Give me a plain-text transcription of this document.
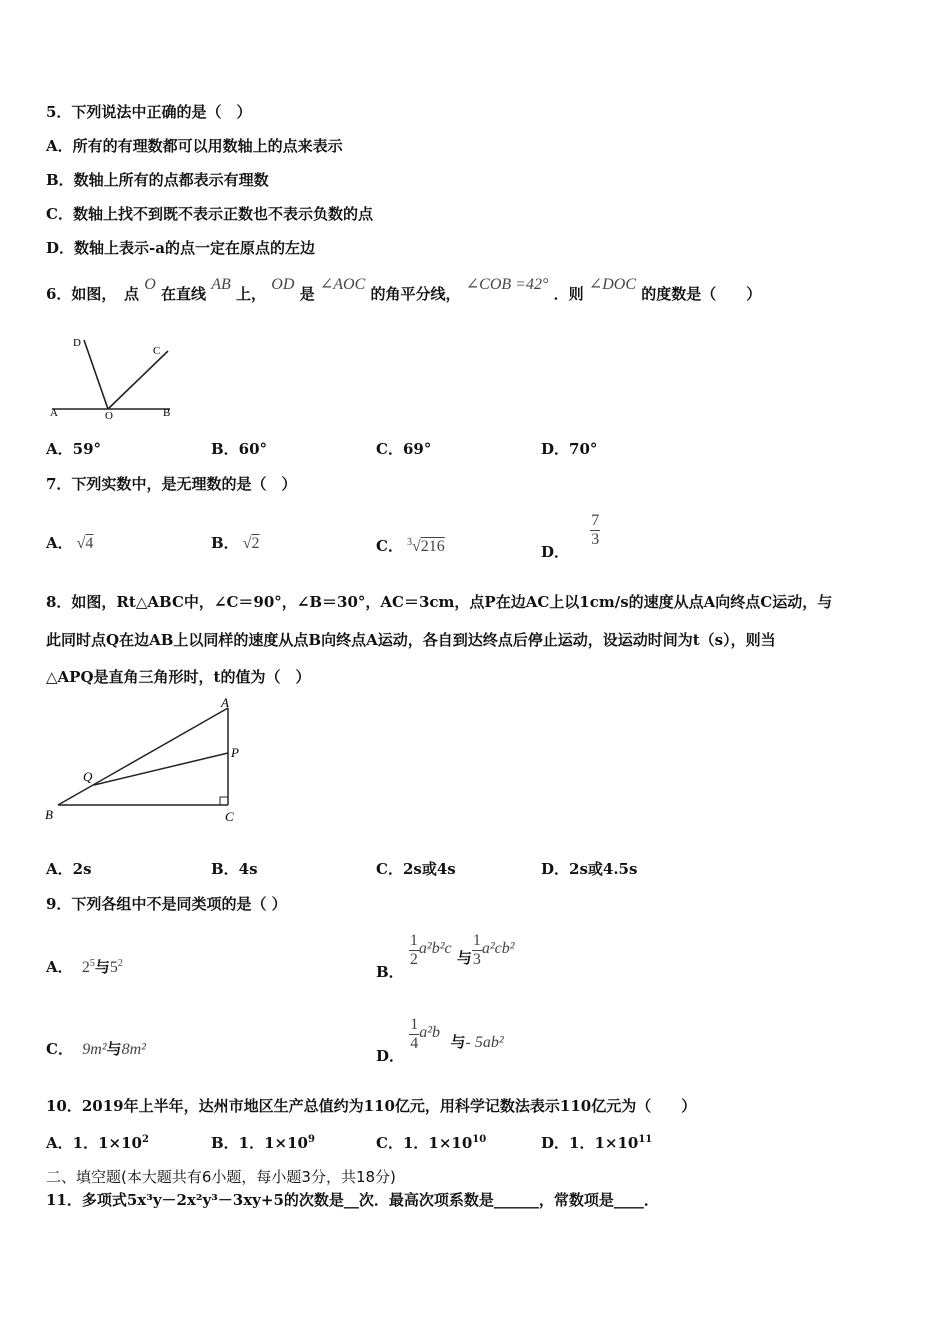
5．下列说法中正确的是（　）
A．所有的有理数都可以用数轴上的点来表示
B．数轴上所有的点都表示有理数
C．数轴上找不到既不表示正数也不表示负数的点
D．数轴上表示-a的点一定在原点的左边
6．如图，　点 O 在直线 AB 上， OD 是 ∠AOC 的角平分线， ∠COB =42° ．则 ∠DOC 的度数是（　　）
D
C
A	O	B
A．59°	B．60°	C．69°	D．70°
7．下列实数中，是无理数的是（　）
A． √4	B． √2	C． $^3$√216	D．
$\frac{7}{3}$
8．如图，Rt△ABC中，∠C＝90°，∠B＝30°，AC＝3cm，点P在边AC上以1cm/s的速度从点A向终点C运动，与
此同时点Q在边AB上以同样的速度从点B向终点A运动，各自到达终点后停止运动，设运动时间为t（s），则当
△APQ是直角三角形时，t的值为（　）
A
P
Q
B	C
A．2s	B．4s	C．2s或4s	D．2s或4.5s
9．下列各组中不是同类项的是（ ）
A． $2^5$与$5^2$	B．
$\frac{1}{2} a^2b^2c$ 与 $\frac{1}{3} a^2cb^2$
C． 9m²与8m²	D．
$\frac{1}{4} a^2b$  与- 5ab²
10．2019年上半年，达州市地区生产总值约为110亿元，用科学记数法表示110亿元为（　　）
A．1．$1\times 10^2$	B．1．$1\times 10^9$	C．1．$1\times 10^{10}$	D．1．$1\times 10^{11}$
二、填空题(本大题共有6小题，每小题3分，共18分)
11．多项式5x³y－2x²y³－3xy+5的次数是__次．最高次项系数是______，常数项是____．
